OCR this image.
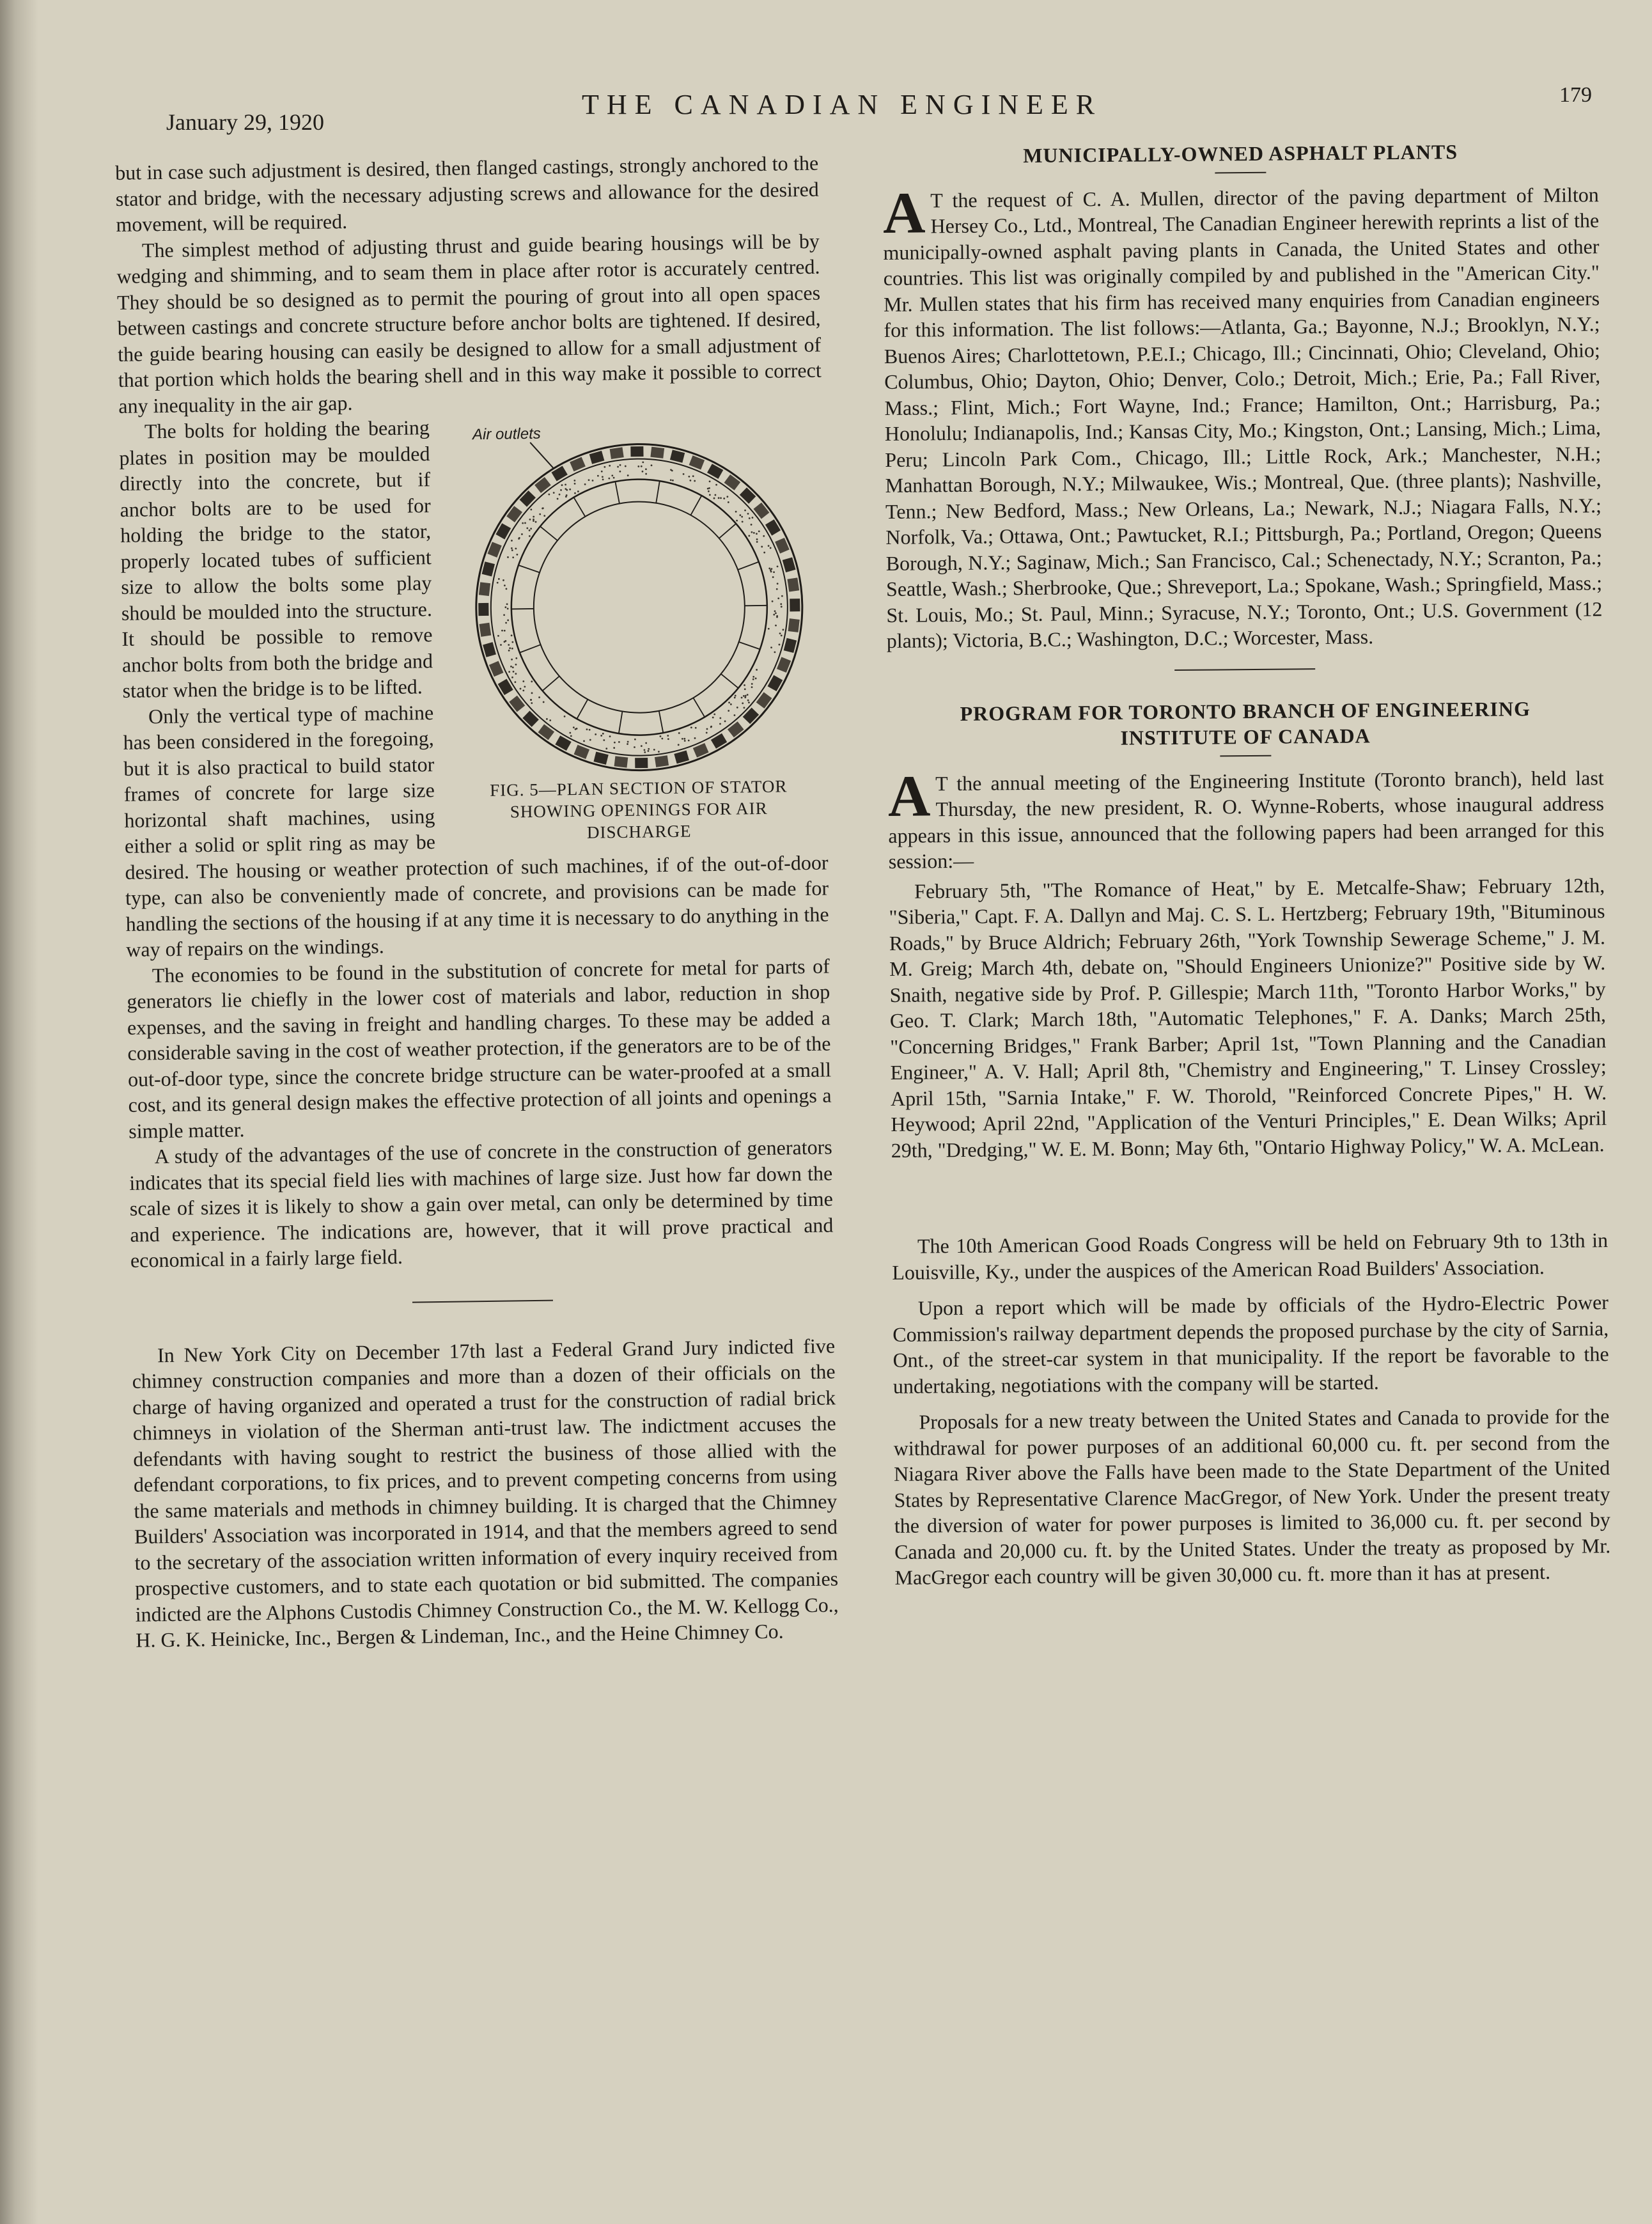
January 29, 1920
THE CANADIAN ENGINEER	179

but in case such adjustment is desired, then flanged castings, strongly anchored to the stator and bridge, with the necessary adjusting screws and allowance for the desired movement, will be required.

The simplest method of adjusting thrust and guide bearing housings will be by wedging and shimming, and to seam them in place after rotor is accurately centred. They should be so designed as to permit the pouring of grout into all open spaces between castings and concrete structure before anchor bolts are tightened. If desired, the guide bearing housing can easily be designed to allow for a small adjustment of that portion which holds the bearing shell and in this way make it possible to correct any inequality in the air gap.

Air outlets
FIG. 5—PLAN SECTION OF STATOR
SHOWING OPENINGS FOR AIR
DISCHARGE

The bolts for holding the bearing plates in position may be moulded directly into the concrete, but if anchor bolts are to be used for holding the bridge to the stator, properly located tubes of sufficient size to allow the bolts some play should be moulded into the structure. It should be possible to remove anchor bolts from both the bridge and stator when the bridge is to be lifted.

Only the vertical type of machine has been considered in the foregoing, but it is also practical to build stator frames of concrete for large size horizontal shaft machines, using either a solid or split ring as may be desired. The housing or weather protection of such machines, if of the out-of-door type, can also be conveniently made of concrete, and provisions can be made for handling the sections of the housing if at any time it is necessary to do anything in the way of repairs on the windings.

The economies to be found in the substitution of concrete for metal for parts of generators lie chiefly in the lower cost of materials and labor, reduction in shop expenses, and the saving in freight and handling charges. To these may be added a considerable saving in the cost of weather protection, if the generators are to be of the out-of-door type, since the concrete bridge structure can be water-proofed at a small cost, and its general design makes the effective protection of all joints and openings a simple matter.

A study of the advantages of the use of concrete in the construction of generators indicates that its special field lies with machines of large size. Just how far down the scale of sizes it is likely to show a gain over metal, can only be determined by time and experience. The indications are, however, that it will prove practical and economical in a fairly large field.

In New York City on December 17th last a Federal Grand Jury indicted five chimney construction companies and more than a dozen of their officials on the charge of having organized and operated a trust for the construction of radial brick chimneys in violation of the Sherman anti-trust law. The indictment accuses the defendants with having sought to restrict the business of those allied with the defendant corporations, to fix prices, and to prevent competing concerns from using the same materials and methods in chimney building. It is charged that the Chimney Builders' Association was incorporated in 1914, and that the members agreed to send to the secretary of the association written information of every inquiry received from prospective customers, and to state each quotation or bid submitted. The companies indicted are the Alphons Custodis Chimney Construction Co., the M. W. Kellogg Co., H. G. K. Heinicke, Inc., Bergen & Lindeman, Inc., and the Heine Chimney Co.

MUNICIPALLY-OWNED ASPHALT PLANTS

A T the request of C. A. Mullen, director of the paving department of Milton Hersey Co., Ltd., Montreal, The Canadian Engineer herewith reprints a list of the municipally-owned asphalt paving plants in Canada, the United States and other countries. This list was originally compiled by and published in the "American City." Mr. Mullen states that his firm has received many enquiries from Canadian engineers for this information. The list follows:—Atlanta, Ga.; Bayonne, N.J.; Brooklyn, N.Y.; Buenos Aires; Charlottetown, P.E.I.; Chicago, Ill.; Cincinnati, Ohio; Cleveland, Ohio; Columbus, Ohio; Dayton, Ohio; Denver, Colo.; Detroit, Mich.; Erie, Pa.; Fall River, Mass.; Flint, Mich.; Fort Wayne, Ind.; France; Hamilton, Ont.; Harrisburg, Pa.; Honolulu; Indianapolis, Ind.; Kansas City, Mo.; Kingston, Ont.; Lansing, Mich.; Lima, Peru; Lincoln Park Com., Chicago, Ill.; Little Rock, Ark.; Manchester, N.H.; Manhattan Borough, N.Y.; Milwaukee, Wis.; Montreal, Que. (three plants); Nashville, Tenn.; New Bedford, Mass.; New Orleans, La.; Newark, N.J.; Niagara Falls, N.Y.; Norfolk, Va.; Ottawa, Ont.; Pawtucket, R.I.; Pittsburgh, Pa.; Portland, Oregon; Queens Borough, N.Y.; Saginaw, Mich.; San Francisco, Cal.; Schenectady, N.Y.; Scranton, Pa.; Seattle, Wash.; Sherbrooke, Que.; Shreveport, La.; Spokane, Wash.; Springfield, Mass.; St. Louis, Mo.; St. Paul, Minn.; Syracuse, N.Y.; Toronto, Ont.; U.S. Government (12 plants); Victoria, B.C.; Washington, D.C.; Worcester, Mass.

PROGRAM FOR TORONTO BRANCH OF ENGINEERING
INSTITUTE OF CANADA

A T the annual meeting of the Engineering Institute (Toronto branch), held last Thursday, the new president, R. O. Wynne-Roberts, whose inaugural address appears in this issue, announced that the following papers had been arranged for this session:—

February 5th, "The Romance of Heat," by E. Metcalfe-Shaw; February 12th, "Siberia," Capt. F. A. Dallyn and Maj. C. S. L. Hertzberg; February 19th, "Bituminous Roads," by Bruce Aldrich; February 26th, "York Township Sewerage Scheme," J. M. M. Greig; March 4th, debate on, "Should Engineers Unionize?" Positive side by W. Snaith, negative side by Prof. P. Gillespie; March 11th, "Toronto Harbor Works," by Geo. T. Clark; March 18th, "Automatic Telephones," F. A. Danks; March 25th, "Concerning Bridges," Frank Barber; April 1st, "Town Planning and the Canadian Engineer," A. V. Hall; April 8th, "Chemistry and Engineering," T. Linsey Crossley; April 15th, "Sarnia Intake," F. W. Thorold, "Reinforced Concrete Pipes," H. W. Heywood; April 22nd, "Application of the Venturi Principles," E. Dean Wilks; April 29th, "Dredging," W. E. M. Bonn; May 6th, "Ontario Highway Policy," W. A. McLean.

The 10th American Good Roads Congress will be held on February 9th to 13th in Louisville, Ky., under the auspices of the American Road Builders' Association.

Upon a report which will be made by officials of the Hydro-Electric Power Commission's railway department depends the proposed purchase by the city of Sarnia, Ont., of the street-car system in that municipality. If the report be favorable to the undertaking, negotiations with the company will be started.

Proposals for a new treaty between the United States and Canada to provide for the withdrawal for power purposes of an additional 60,000 cu. ft. per second from the Niagara River above the Falls have been made to the State Department of the United States by Representative Clarence MacGregor, of New York. Under the present treaty the diversion of water for power purposes is limited to 36,000 cu. ft. per second by Canada and 20,000 cu. ft. by the United States. Under the treaty as proposed by Mr. MacGregor each country will be given 30,000 cu. ft. more than it has at present.
